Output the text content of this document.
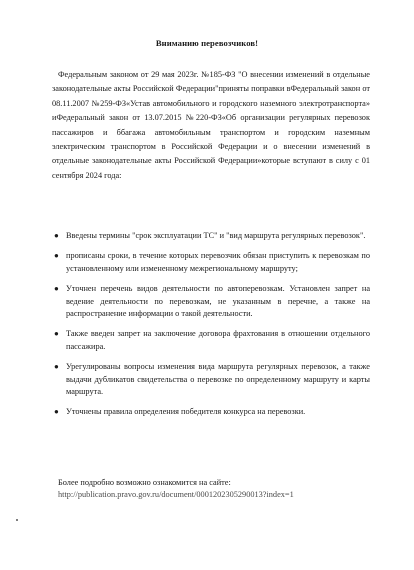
Вниманию перевозчиков!
Федеральным законом от 29 мая 2023г. №185-ФЗ "О внесении изменений в отдельные законодательные акты Российской Федерации"приняты поправки вФедеральный закон от 08.11.2007 №259-ФЗ«Устав автомобильного и городского наземного электротранспорта» иФедеральный закон от 13.07.2015 №220-ФЗ«Об организации регулярных перевозок пассажиров и ббагажа автомобильным транспортом и городским наземным электрическим транспортом в Российской Федерации и о внесении изменений в отдельные законодательные акты Российской Федерации»которые вступают в силу с 01 сентября 2024 года:
● Введены термины "срок эксплуатации ТС" и "вид маршрута регулярных перевозок".
● прописаны сроки, в течение которых перевозчик обязан приступить к перевозкам по установленному или измененному межрегиональному маршруту;
● Уточнен перечень видов деятельности по автоперевозкам. Установлен запрет на ведение деятельности по перевозкам, не указанным в перечне, а также на распространение информации о такой деятельности.
● Также введен запрет на заключение договора фрахтования в отношении отдельного пассажира.
● Урегулированы вопросы изменения вида маршрута регулярных перевозок, а также выдачи дубликатов свидетельства о перевозке по определенному маршруту и карты маршрута.
● Уточнены правила определения победителя конкурса на перевозки.
Более подробно возможно ознакомится на сайте:
http://publication.pravo.gov.ru/document/0001202305290013?index=1
